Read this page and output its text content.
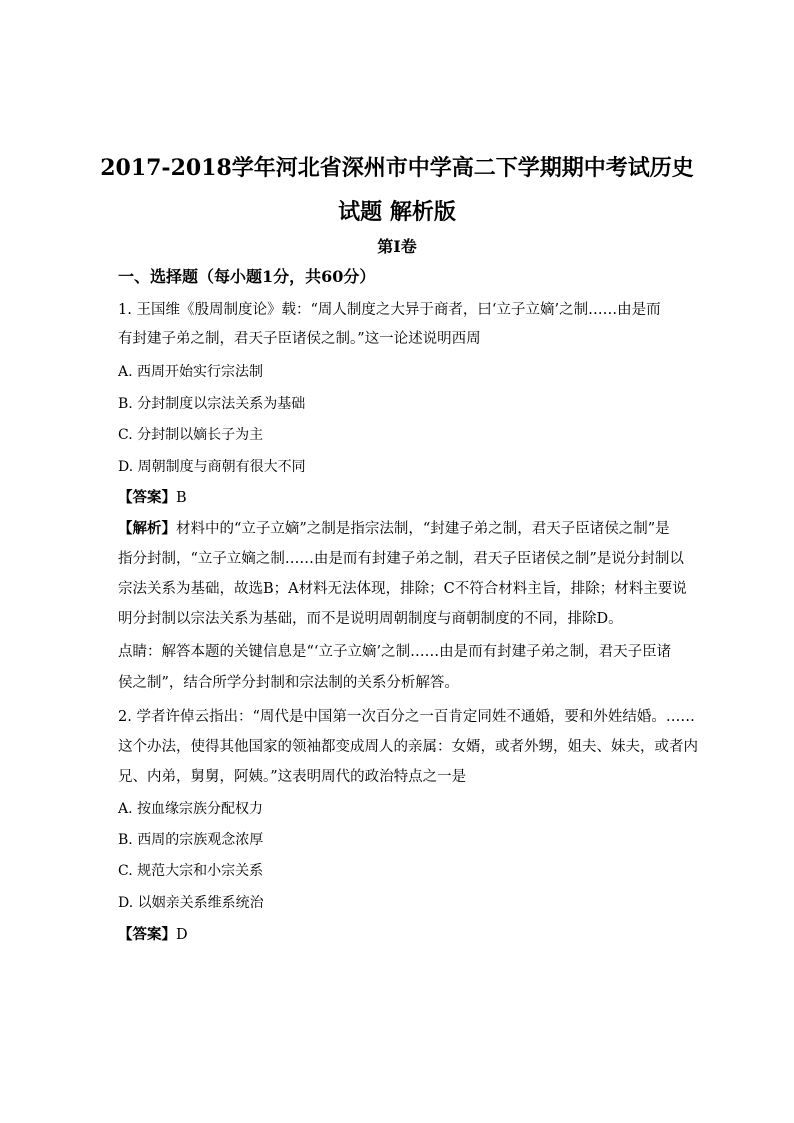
2017-2018学年河北省深州市中学高二下学期期中考试历史
试题 解析版
第Ⅰ卷
一、选择题（每小题1分，共60分）
1. 王国维《殷周制度论》载：“周人制度之大异于商者，曰‘立子立嫡’之制……由是而
有封建子弟之制，君天子臣诸侯之制。”这一论述说明西周
A. 西周开始实行宗法制
B. 分封制度以宗法关系为基础
C. 分封制以嫡长子为主
D. 周朝制度与商朝有很大不同
【答案】B
【解析】材料中的“立子立嫡”之制是指宗法制，“封建子弟之制，君天子臣诸侯之制”是
指分封制，“立子立嫡之制……由是而有封建子弟之制，君天子臣诸侯之制”是说分封制以
宗法关系为基础，故选B；A材料无法体现，排除；C不符合材料主旨，排除；材料主要说
明分封制以宗法关系为基础，而不是说明周朝制度与商朝制度的不同，排除D。
点睛：解答本题的关键信息是“‘立子立嫡’之制……由是而有封建子弟之制，君天子臣诸
侯之制”，结合所学分封制和宗法制的关系分析解答。
2. 学者许倬云指出：“周代是中国第一次百分之一百肯定同姓不通婚，要和外姓结婚。……
这个办法，使得其他国家的领袖都变成周人的亲属：女婿，或者外甥，姐夫、妹夫，或者内
兄、内弟，舅舅，阿姨。”这表明周代的政治特点之一是
A. 按血缘宗族分配权力
B. 西周的宗族观念浓厚
C. 规范大宗和小宗关系
D. 以姻亲关系维系统治
【答案】D
